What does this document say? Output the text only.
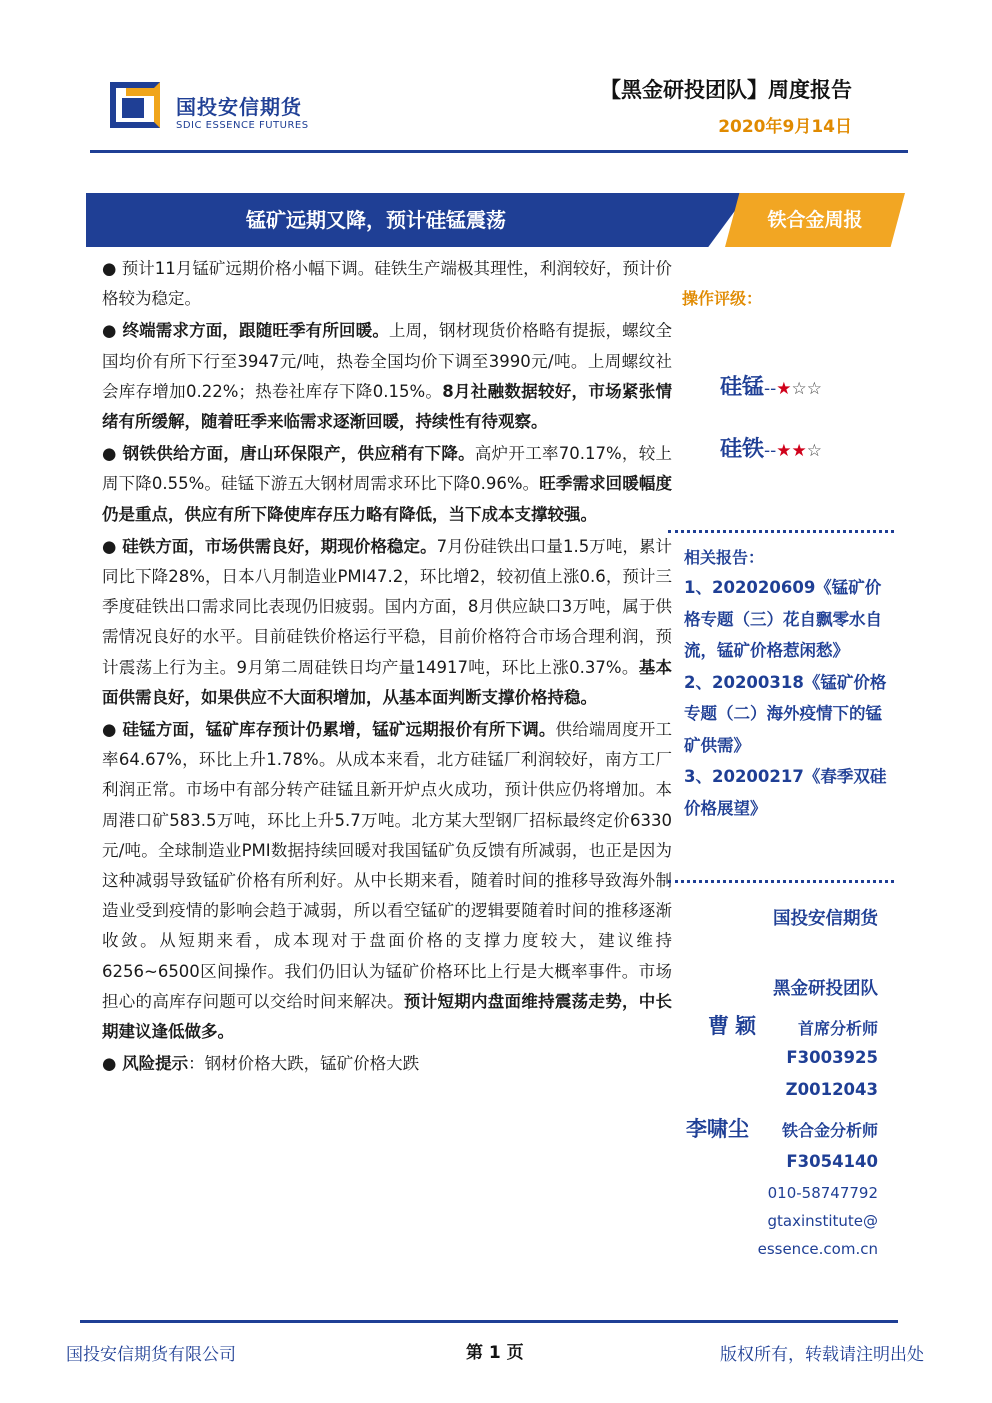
国投安信期货
SDIC ESSENCE FUTURES
【黑金研投团队】周度报告
2020年9月14日
锰矿远期又降，预计硅锰震荡	铁合金周报

● 预计11月锰矿远期价格小幅下调。硅铁生产端极其理性，利润较好，预计价格较为稳定。

● 终端需求方面，跟随旺季有所回暖。上周，钢材现货价格略有提振，螺纹全国均价有所下行至3947元/吨，热卷全国均价下调至3990元/吨。上周螺纹社会库存增加0.22%；热卷社库存下降0.15%。8月社融数据较好，市场紧张情绪有所缓解，随着旺季来临需求逐渐回暖，持续性有待观察。

● 钢铁供给方面，唐山环保限产，供应稍有下降。高炉开工率70.17%，较上周下降0.55%。硅锰下游五大钢材周需求环比下降0.96%。旺季需求回暖幅度仍是重点，供应有所下降使库存压力略有降低，当下成本支撑较强。

● 硅铁方面，市场供需良好，期现价格稳定。7月份硅铁出口量1.5万吨，累计同比下降28%，日本八月制造业PMI47.2，环比增2，较初值上涨0.6，预计三季度硅铁出口需求同比表现仍旧疲弱。国内方面，8月供应缺口3万吨，属于供需情况良好的水平。目前硅铁价格运行平稳，目前价格符合市场合理利润，预计震荡上行为主。9月第二周硅铁日均产量14917吨，环比上涨0.37%。基本面供需良好，如果供应不大面积增加，从基本面判断支撑价格持稳。

● 硅锰方面，锰矿库存预计仍累增，锰矿远期报价有所下调。供给端周度开工率64.67%，环比上升1.78%。从成本来看，北方硅锰厂利润较好，南方工厂利润正常。市场中有部分转产硅锰且新开炉点火成功，预计供应仍将增加。本周港口矿583.5万吨，环比上升5.7万吨。北方某大型钢厂招标最终定价6330元/吨。全球制造业PMI数据持续回暖对我国锰矿负反馈有所减弱，也正是因为这种减弱导致锰矿价格有所利好。从中长期来看，随着时间的推移导致海外制造业受到疫情的影响会趋于减弱，所以看空锰矿的逻辑要随着时间的推移逐渐收敛。从短期来看，成本现对于盘面价格的支撑力度较大，建议维持6256~6500区间操作。我们仍旧认为锰矿价格环比上行是大概率事件。市场担心的高库存问题可以交给时间来解决。预计短期内盘面维持震荡走势，中长期建议逢低做多。

● 风险提示：钢材价格大跌，锰矿价格大跌

操作评级：
硅锰--★☆☆
硅铁--★★☆
相关报告：
1、20202060​9《锰矿价格专题（三）花自飘零水自流，锰矿价格惹闲愁》
2、20200318《锰矿价格专题（二）海外疫情下的锰矿供需》
3、20200217《春季双硅价格展望》
国投安信期货
黑金研投团队
曹颖 首席分析师
F3003925
Z0012043
李啸尘 铁合金分析师
F3054140
010-58747792
gtaxinstitute@
essence.com.cn
国投安信期货有限公司	第 1 页	版权所有，转载请注明出处
